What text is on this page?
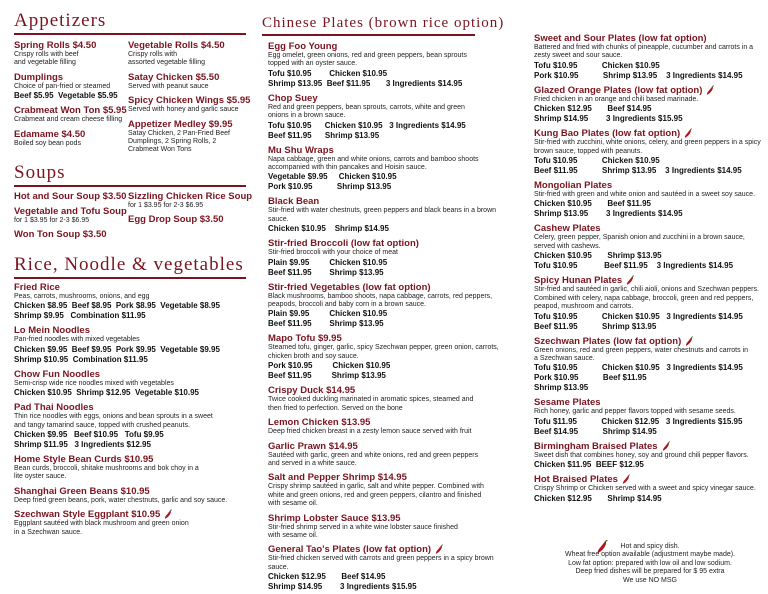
Appetizers
Spring Rolls $4.50
Crispy rolls with beef
and vegetable filling
Dumplings
Choice of pan-fried or steamed
Beef $5.95  Vegetable $5.95
Crabmeat Won Ton $5.95
Crabmeat and cream cheese filling
Edamame $4.50
Boiled soy bean pods
Vegetable Rolls $4.50
Crispy rolls with
assorted vegetable filling
Satay Chicken $5.50
Served with peanut sauce
Spicy Chicken Wings $5.95
Served with honey and garlic sauce
Appetizer Medley $9.95
Satay Chicken, 2 Pan-Fried Beef
Dumplings, 2 Spring Rolls, 2
Crabmeat Won Tons
Soups
Hot and Sour Soup $3.50
Vegetable and Tofu Soup
for 1 $3.95 for 2-3 $6.95
Won Ton Soup $3.50
Sizzling Chicken Rice Soup
for 1 $3.95 for 2-3 $6.95
Egg Drop Soup $3.50
Rice, Noodle & vegetables
Fried Rice
Peas, carrots, mushrooms, onions, and egg
Chicken $8.95  Beef $8.95  Pork $8.95  Vegetable $8.95
Shrimp $9.95   Combination $11.95
Lo Mein Noodles
Pan-fried noodles with mixed vegetables
Chicken $9.95  Beef $9.95  Pork $9.95  Vegetable $9.95
Shrimp $10.95  Combination $11.95
Chow Fun Noodles
Semi-crisp wide rice noodles mixed with vegetables
Chicken $10.95  Shrimp $12.95  Vegetable $10.95
Pad Thai Noodles
Thin rice noodles with eggs, onions and bean sprouts in a sweet
and tangy tamarind sauce, topped with crushed peanuts.
Chicken $9.95   Beef $10.95   Tofu $9.95
Shrimp $11.95   3 Ingredients $12.95
Home Style Bean Curds $10.95
Bean curds, broccoli, shitake mushrooms and bok choy in a
lite oyster sauce.
Shanghai Green Beans $10.95
Deep fried green beans, pork, water chestnuts, garlic and soy sauce.
Szechwan Style Eggplant $10.95
Eggplant sautéed with black mushroom and green onion
in a Szechwan sauce.
Chinese Plates (brown rice option)
Egg Foo Young
Egg omelet, green onions, red and green peppers, bean sprouts
topped with an oyster sauce.
Tofu $10.95        Chicken $10.95
Shrimp $13.95  Beef $11.95       3 Ingredients $14.95
Chop Suey
Red and green peppers, bean sprouts, carrots, white and green
onions in a brown sauce.
Tofu $10.95      Chicken $10.95   3 Ingredients $14.95
Beef $11.95      Shrimp $13.95
Mu Shu Wraps
Napa cabbage, green and white onions, carrots and bamboo shoots
accompanied with thin pancakes and Hoisin sauce.
Vegetable $9.95     Chicken $10.95
Pork $10.95           Shrimp $13.95
Black Bean
Stir-fried with water chestnuts, green peppers and black beans in a brown sauce.
Chicken $10.95    Shrimp $14.95
Stir-fried Broccoli (low fat option)
Stir-fried broccoli with your choice of meat
Plain $9.95         Chicken $10.95
Beef $11.95        Shrimp $13.95
Stir-fried Vegetables (low fat option)
Black mushrooms, bamboo shoots, napa cabbage, carrots, red peppers,
peapods, broccoli and baby corn in a brown sauce.
Plain $9.95         Chicken $10.95
Beef $11.95        Shrimp $13.95
Mapo Tofu $9.95
Steamed tofu, ginger, garlic, spicy Szechwan pepper, green onion, carrots,
chicken broth and soy sauce.
Pork $10.95         Chicken $10.95
Beef $11.95         Shrimp $13.95
Crispy Duck $14.95
Twice cooked duckling marinated in aromatic spices, steamed and
then fried to perfection. Served on the bone
Lemon Chicken $13.95
Deep fried chicken breast in a zesty lemon sauce served with fruit
Garlic Prawn $14.95
Sautéed with garlic, green and white onions, red and green peppers
and served in a white sauce.
Salt and Pepper Shrimp $14.95
Crispy shrimp sautéed in garlic, salt and white pepper. Combined with
white and green onions, red and green peppers, cilantro and finished
with sesame oil.
Shrimp Lobster Sauce $13.95
Stir-fried shrimp served in a white wine lobster sauce finished
with sesame oil.
General Tao's Plates (low fat option)
Stir-fried chicken served with carrots and green peppers in a spicy brown sauce.
Chicken $12.95       Beef $14.95
Shrimp $14.95        3 Ingredients $15.95
Sweet and Sour Plates (low fat option)
Battered and fried with chunks of pineapple, cucumber and carrots in a
zesty sweet and sour sauce.
Tofu $10.95           Chicken $10.95
Pork $10.95           Shrimp $13.95    3 Ingredients $14.95
Glazed Orange Plates (low fat option)
Fried chicken in an orange and chili based marinade.
Chicken $12.95       Beef $14.95
Shrimp $14.95        3 Ingredients $15.95
Kung Bao Plates (low fat option)
Stir-fried with zucchini, white onions, celery, and green peppers in a spicy
brown sauce, topped with peanuts.
Tofu $10.95           Chicken $10.95
Beef $11.95           Shrimp $13.95    3 Ingredients $14.95
Mongolian Plates
Stir-fried with green and white onion and sautéed in a sweet soy sauce.
Chicken $10.95       Beef $11.95
Shrimp $13.95        3 Ingredients $14.95
Cashew Plates
Celery, green pepper, Spanish onion and zucchini in a brown sauce,
served with cashews.
Chicken $10.95       Shrimp $13.95
Tofu $10.95            Beef $11.95    3 Ingredients $14.95
Spicy Hunan Plates
Stir-fried and sautéed in garlic, chili aioli, onions and Szechwan peppers.
Combined with celery, napa cabbage, broccoli, green and red peppers,
peapod, mushroom and carrots.
Tofu $10.95           Chicken $10.95   3 Ingredients $14.95
Beef $11.95           Shrimp $13.95
Szechwan Plates (low fat option)
Green onions, red and green peppers, water chestnuts and carrots in
a Szechwan sauce.
Tofu $10.95           Chicken $10.95   3 Ingredients $14.95
Pork $10.95           Beef $11.95
Shrimp $13.95
Sesame Plates
Rich honey, garlic and pepper flavors topped with sesame seeds.
Tofu $11.95           Chicken $12.95   3 Ingredients $15.95
Beef $14.95           Shrimp $14.95
Birmingham Braised Plates
Sweet dish that combines honey, soy and ground chili pepper flavors.
Chicken $11.95  BEEF $12.95
Hot Braised Plates
Crispy Shrimp or Chicken served with a sweet and spicy vinegar sauce.
Chicken $12.95       Shrimp $14.95
Hot and spicy dish.
Wheat free option available (adjustment maybe made).
Low fat option: prepared with low oil and low sodium.
Deep fried dishes will be prepared for $ 95 extra
We use NO MSG
